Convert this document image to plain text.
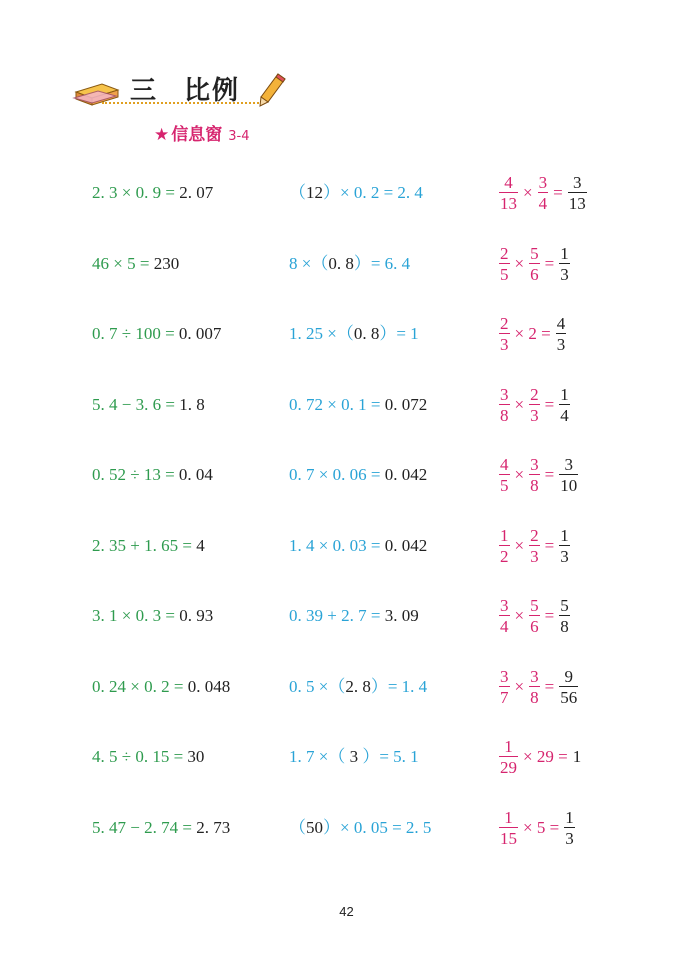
三 比例
★ 信息窗 3-4
2. 3 × 0. 9 = 2. 07	（12）× 0. 2 = 2. 4	$\frac{4}{13} \times \frac{3}{4} = \frac{3}{13}$
46 × 5 = 230	8 ×（0. 8）= 6. 4	$\frac{2}{5} \times \frac{5}{6} = \frac{1}{3}$
0. 7 ÷ 100 = 0. 007	1. 25 ×（0. 8）= 1	$\frac{2}{3} \times 2 = \frac{4}{3}$
5. 4 − 3. 6 = 1. 8	0. 72 × 0. 1 = 0. 072	$\frac{3}{8} \times \frac{2}{3} = \frac{1}{4}$
0. 52 ÷ 13 = 0. 04	0. 7 × 0. 06 = 0. 042	$\frac{4}{5} \times \frac{3}{8} = \frac{3}{10}$
2. 35 + 1. 65 = 4	1. 4 × 0. 03 = 0. 042	$\frac{1}{2} \times \frac{2}{3} = \frac{1}{3}$
3. 1 × 0. 3 = 0. 93	0. 39 + 2. 7 = 3. 09	$\frac{3}{4} \times \frac{5}{6} = \frac{5}{8}$
0. 24 × 0. 2 = 0. 048	0. 5 ×（2. 8）= 1. 4	$\frac{3}{7} \times \frac{3}{8} = \frac{9}{56}$
4. 5 ÷ 0. 15 = 30	1. 7 ×（ 3 ）= 5. 1	$\frac{1}{29} \times 29 = 1$
5. 47 − 2. 74 = 2. 73	（50）× 0. 05 = 2. 5	$\frac{1}{15} \times 5 = \frac{1}{3}$
42
